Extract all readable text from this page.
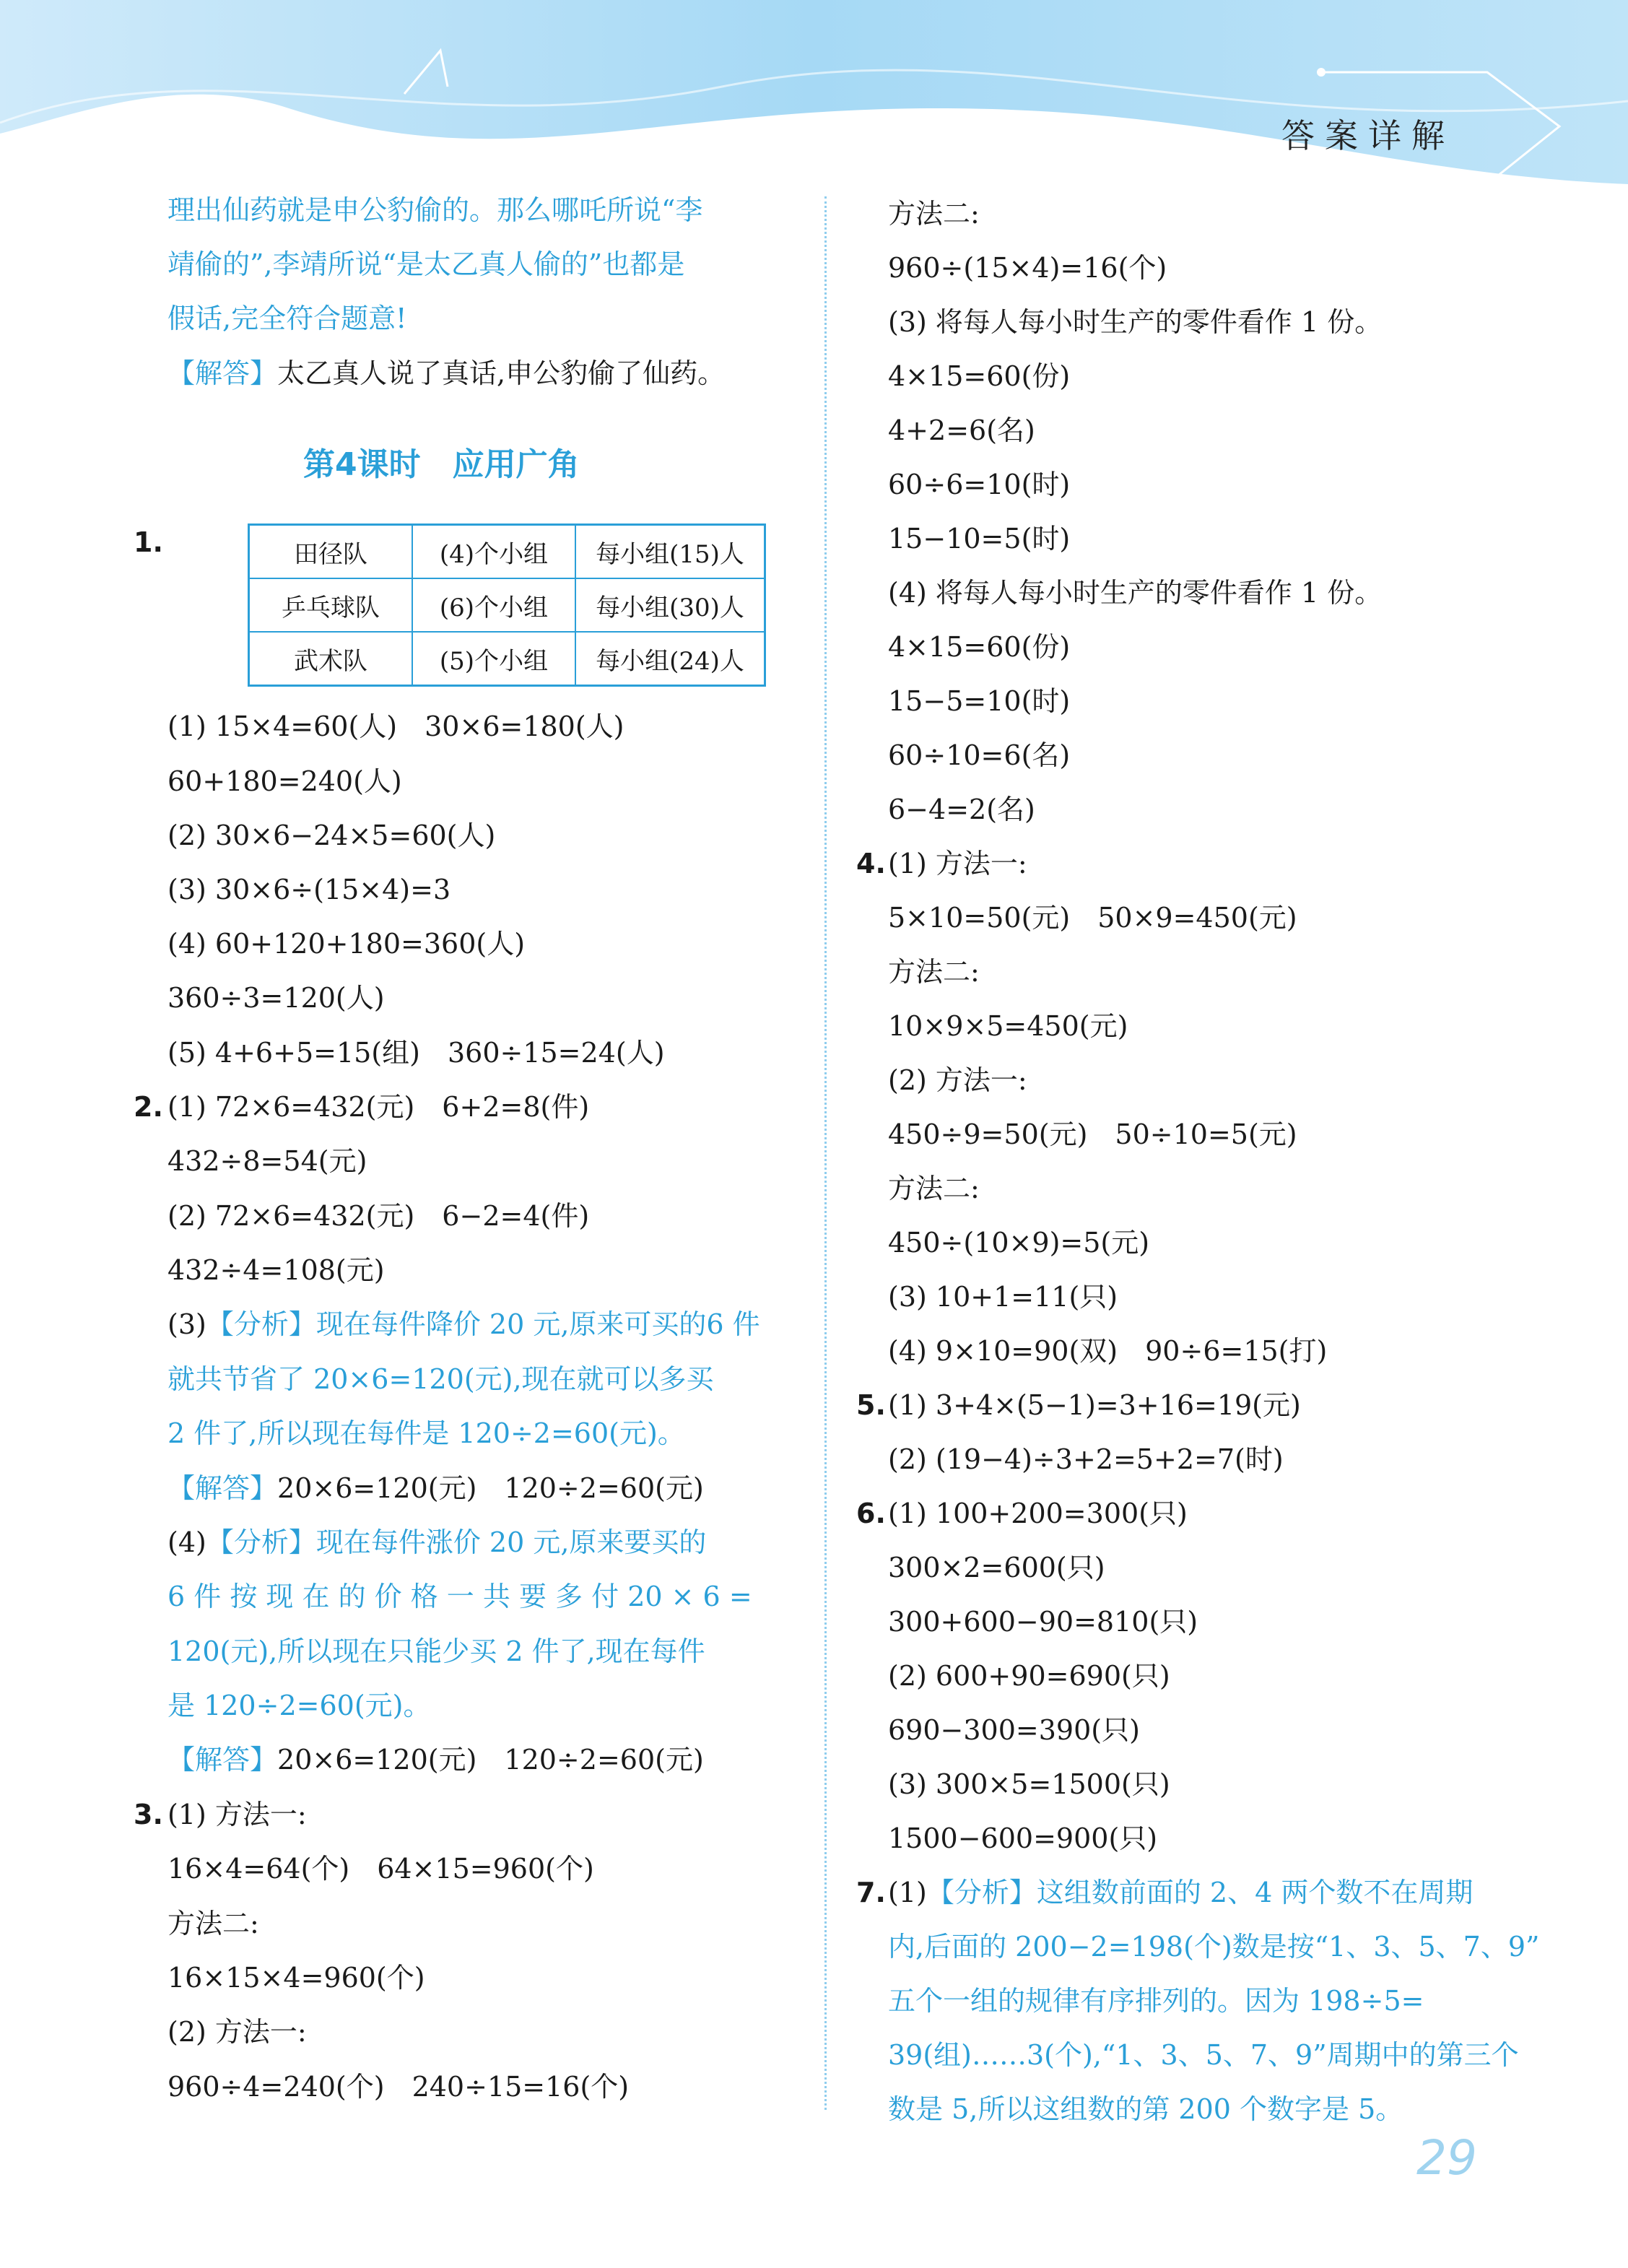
答案详解
理出仙药就是申公豹偷的。那么哪吒所说“李
靖偷的”,李靖所说“是太乙真人偷的”也都是
假话,完全符合题意!
【解答】太乙真人说了真话,申公豹偷了仙药。
第4课时　应用广角
1.	田径队	(4)个小组	每小组(15)人
乒乓球队	(6)个小组	每小组(30)人
武术队	(5)个小组	每小组(24)人
(1) 15×4=60(人)　30×6=180(人)
60+180=240(人)
(2) 30×6−24×5=60(人)
(3) 30×6÷(15×4)=3
(4) 60+120+180=360(人)
360÷3=120(人)
(5) 4+6+5=15(组)　360÷15=24(人)
2. (1) 72×6=432(元)　6+2=8(件)
432÷8=54(元)
(2) 72×6=432(元)　6−2=4(件)
432÷4=108(元)
(3)【分析】现在每件降价 20 元,原来可买的6 件
就共节省了 20×6=120(元),现在就可以多买
2 件了,所以现在每件是 120÷2=60(元)。
【解答】20×6=120(元)　120÷2=60(元)
(4)【分析】现在每件涨价 20 元,原来要买的
6 件 按 现 在 的 价 格 一 共 要 多 付 20 × 6 =
120(元),所以现在只能少买 2 件了,现在每件
是 120÷2=60(元)。
【解答】20×6=120(元)　120÷2=60(元)
3. (1) 方法一:
16×4=64(个)　64×15=960(个)
方法二:
16×15×4=960(个)
(2) 方法一:
960÷4=240(个)　240÷15=16(个)
方法二:
960÷(15×4)=16(个)
(3) 将每人每小时生产的零件看作 1 份。
4×15=60(份)
4+2=6(名)
60÷6=10(时)
15−10=5(时)
(4) 将每人每小时生产的零件看作 1 份。
4×15=60(份)
15−5=10(时)
60÷10=6(名)
6−4=2(名)
4. (1) 方法一:
5×10=50(元)　50×9=450(元)
方法二:
10×9×5=450(元)
(2) 方法一:
450÷9=50(元)　50÷10=5(元)
方法二:
450÷(10×9)=5(元)
(3) 10+1=11(只)
(4) 9×10=90(双)　90÷6=15(打)
5. (1) 3+4×(5−1)=3+16=19(元)
(2) (19−4)÷3+2=5+2=7(时)
6. (1) 100+200=300(只)
300×2=600(只)
300+600−90=810(只)
(2) 600+90=690(只)
690−300=390(只)
(3) 300×5=1500(只)
1500−600=900(只)
7. (1)【分析】这组数前面的 2、4 两个数不在周期
内,后面的 200−2=198(个)数是按“1、3、5、7、9”
五个一组的规律有序排列的。因为 198÷5=
39(组)……3(个),“1、3、5、7、9”周期中的第三个
数是 5,所以这组数的第 200 个数字是 5。
29
